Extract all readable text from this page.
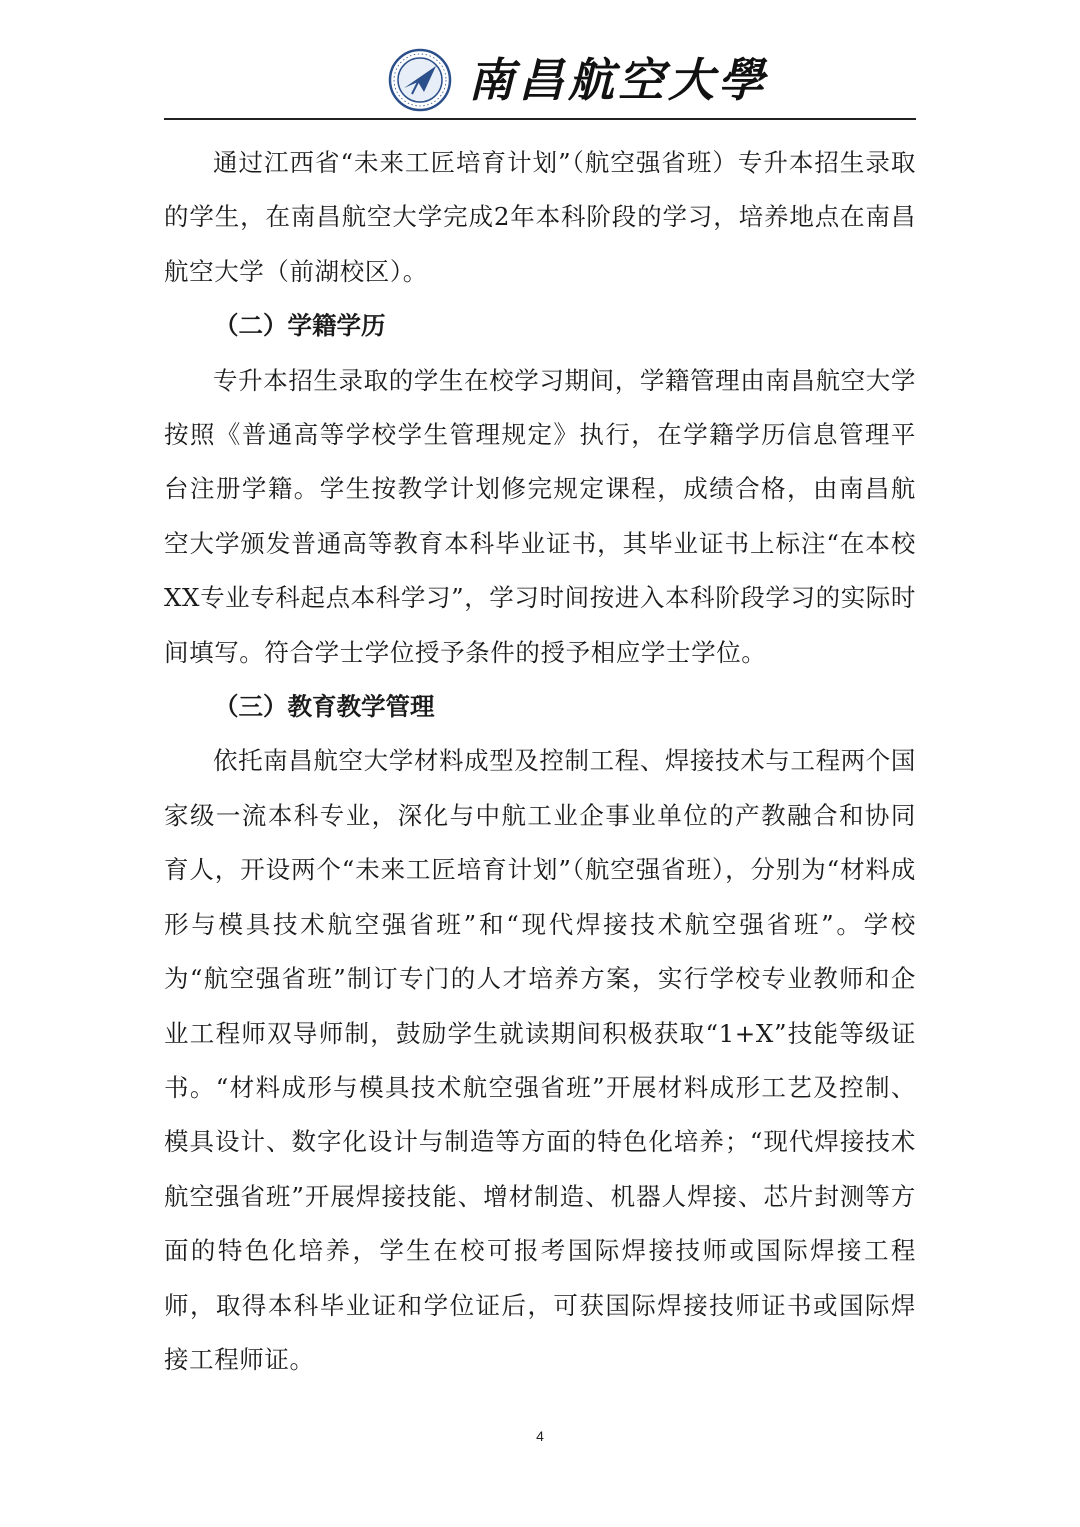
南昌航空大學

通过江西省“未来工匠培育计划”（航空强省班）专升本招生录取的学生，在南昌航空大学完成2年本科阶段的学习，培养地点在南昌航空大学（前湖校区）。

（二）学籍学历

专升本招生录取的学生在校学习期间，学籍管理由南昌航空大学按照《普通高等学校学生管理规定》执行，在学籍学历信息管理平台注册学籍。学生按教学计划修完规定课程，成绩合格，由南昌航空大学颁发普通高等教育本科毕业证书，其毕业证书上标注“在本校XX专业专科起点本科学习”，学习时间按进入本科阶段学习的实际时间填写。符合学士学位授予条件的授予相应学士学位。

（三）教育教学管理

依托南昌航空大学材料成型及控制工程、焊接技术与工程两个国家级一流本科专业，深化与中航工业企事业单位的产教融合和协同育人，开设两个“未来工匠培育计划”（航空强省班），分别为“材料成形与模具技术航空强省班”和“现代焊接技术航空强省班”。学校为“航空强省班”制订专门的人才培养方案，实行学校专业教师和企业工程师双导师制，鼓励学生就读期间积极获取“1+X”技能等级证书。“材料成形与模具技术航空强省班”开展材料成形工艺及控制、模具设计、数字化设计与制造等方面的特色化培养；“现代焊接技术航空强省班”开展焊接技能、增材制造、机器人焊接、芯片封测等方面的特色化培养，学生在校可报考国际焊接技师或国际焊接工程师，取得本科毕业证和学位证后，可获国际焊接技师证书或国际焊接工程师证。

4
